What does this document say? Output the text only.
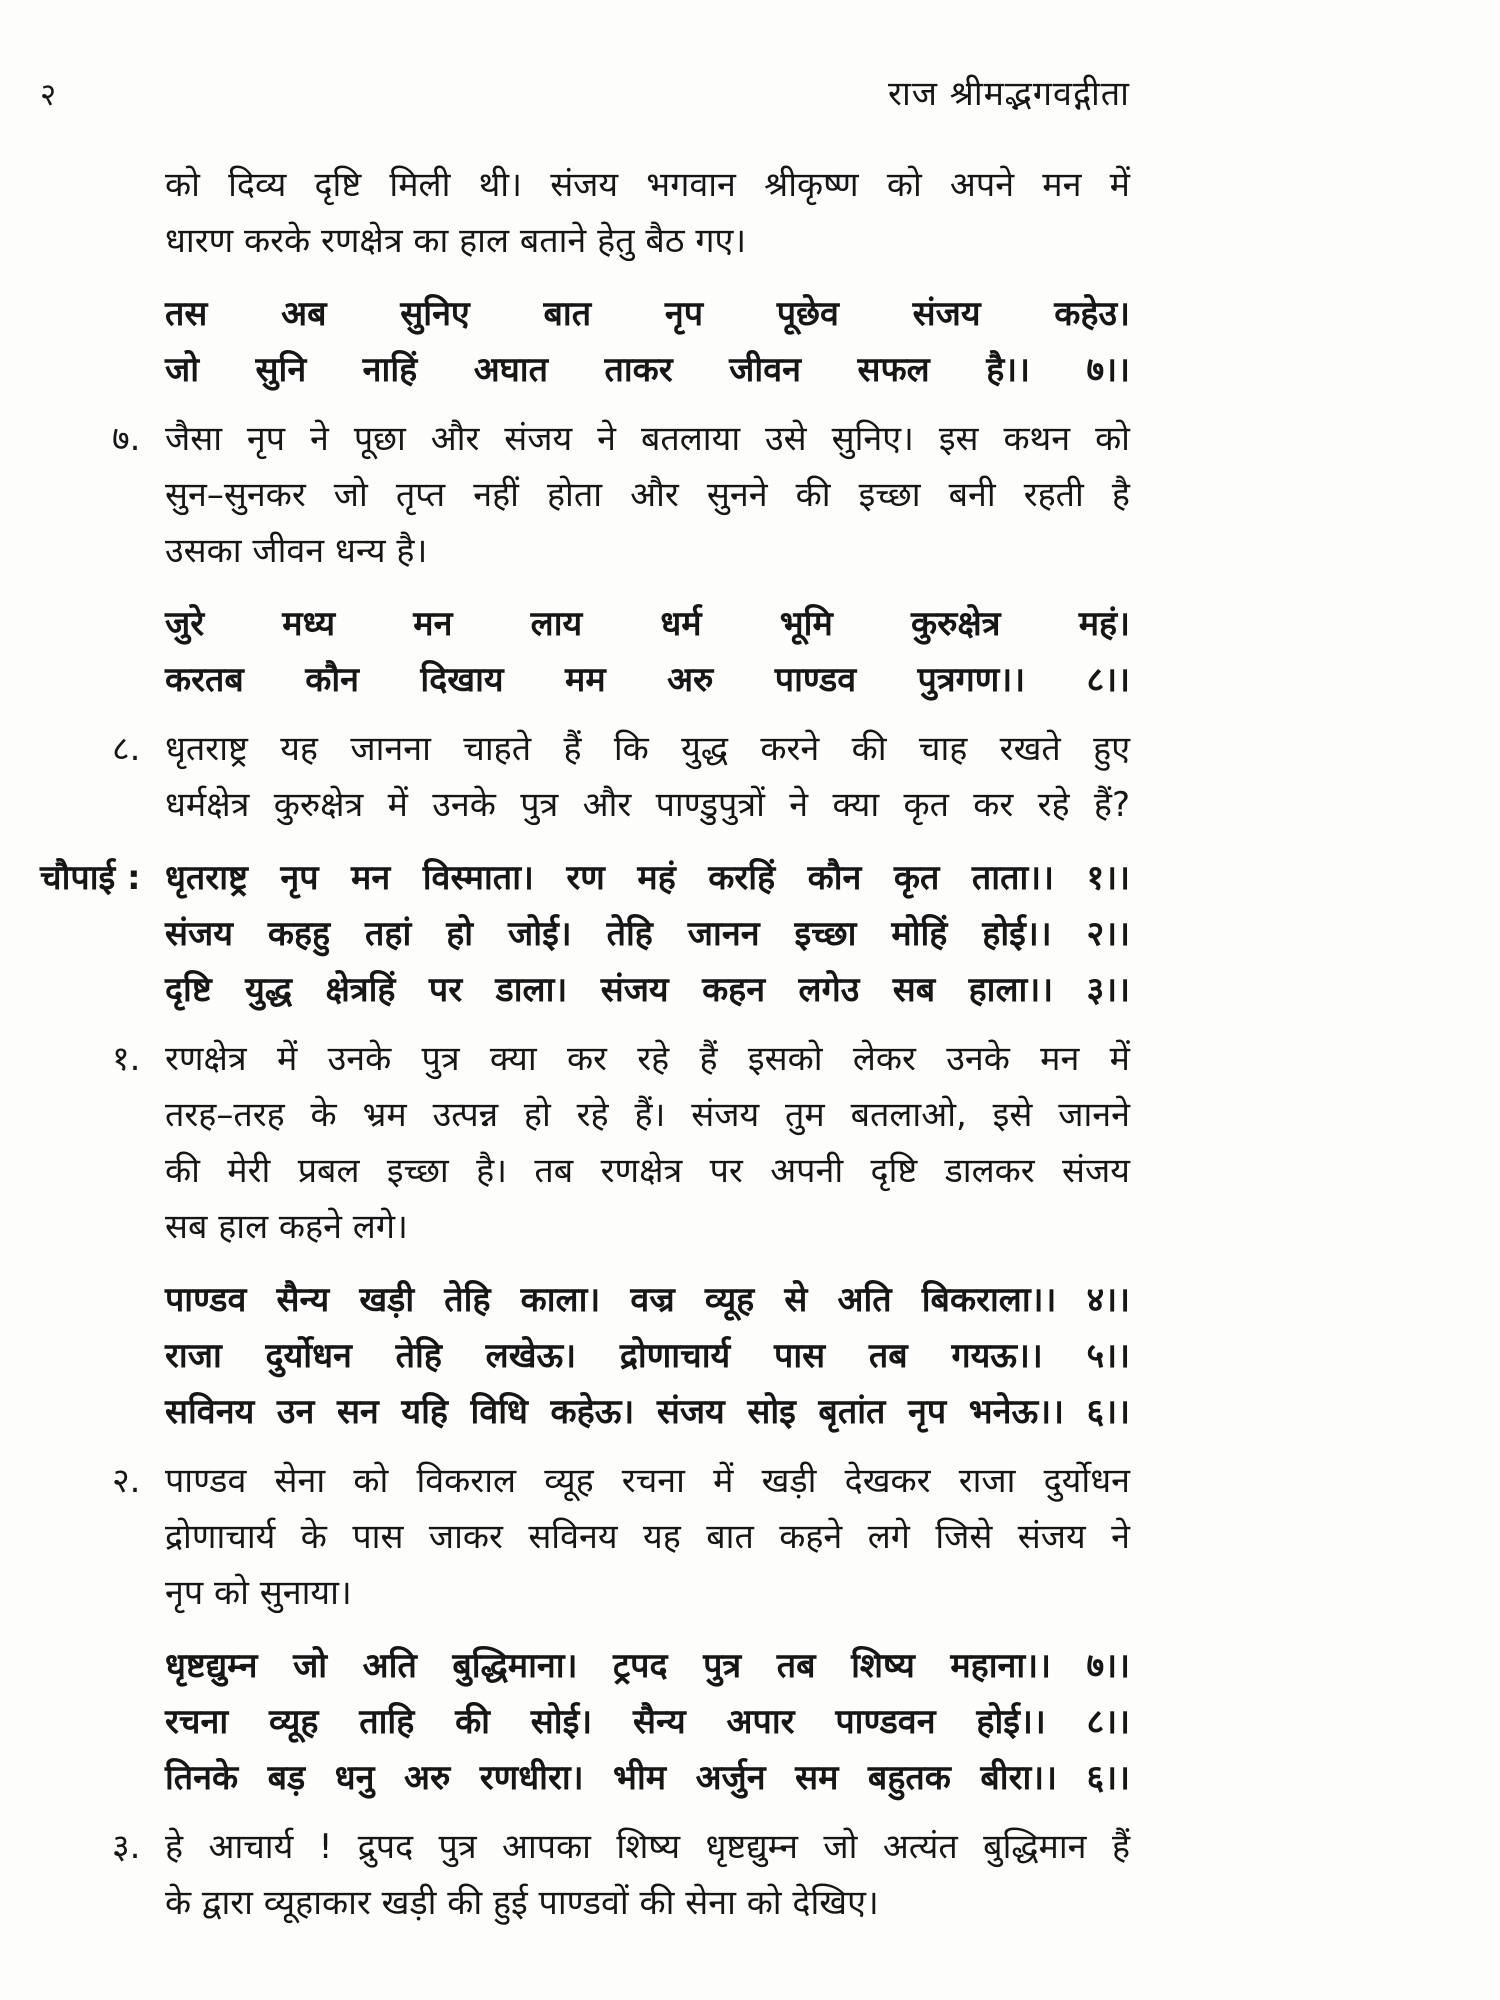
२	राज श्रीमद्भगवद्गीता
को दिव्य दृष्टि मिली थी। संजय भगवान श्रीकृष्ण को अपने मन में
धारण करके रणक्षेत्र का हाल बताने हेतु बैठ गए।
तस अब सुनिए बात नृप पूछेव संजय कहेउ।
जो सुनि नाहिं अघात ताकर जीवन सफल है।। ७।।
७. जैसा नृप ने पूछा और संजय ने बतलाया उसे सुनिए। इस कथन को
सुन–सुनकर जो तृप्त नहीं होता और सुनने की इच्छा बनी रहती है
उसका जीवन धन्य है।
जुरे मध्य मन लाय धर्म भूमि कुरुक्षेत्र महं।
करतब कौन दिखाय मम अरु पाण्डव पुत्रगण।। ८।।
८. धृतराष्ट्र यह जानना चाहते हैं कि युद्ध करने की चाह रखते हुए
धर्मक्षेत्र कुरुक्षेत्र में उनके पुत्र और पाण्डुपुत्रों ने क्या कृत कर रहे हैं?
चौपाई : धृतराष्ट्र नृप मन विस्माता। रण महं करहिं कौन कृत ताता।। १।।
संजय कहहु तहां हो जोई। तेहि जानन इच्छा मोहिं होई।। २।।
दृष्टि युद्ध क्षेत्रहिं पर डाला। संजय कहन लगेउ सब हाला।। ३।।
१. रणक्षेत्र में उनके पुत्र क्या कर रहे हैं इसको लेकर उनके मन में
तरह–तरह के भ्रम उत्पन्न हो रहे हैं। संजय तुम बतलाओ, इसे जानने
की मेरी प्रबल इच्छा है। तब रणक्षेत्र पर अपनी दृष्टि डालकर संजय
सब हाल कहने लगे।
पाण्डव सैन्य खड़ी तेहि काला। वज्र व्यूह से अति बिकराला।। ४।।
राजा दुर्योधन तेहि लखेऊ। द्रोणाचार्य पास तब गयऊ।। ५।।
सविनय उन सन यहि विधि कहेऊ। संजय सोइ बृतांत नृप भनेऊ।। ६।।
२. पाण्डव सेना को विकराल व्यूह रचना में खड़ी देखकर राजा दुर्योधन
द्रोणाचार्य के पास जाकर सविनय यह बात कहने लगे जिसे संजय ने
नृप को सुनाया।
धृष्टद्युम्न जो अति बुद्धिमाना। ट्रपद पुत्र तब शिष्य महाना।। ७।।
रचना व्यूह ताहि की सोई। सैन्य अपार पाण्डवन होई।। ८।।
तिनके बड़ धनु अरु रणधीरा। भीम अर्जुन सम बहुतक बीरा।। ६।।
३. हे आचार्य ! द्रुपद पुत्र आपका शिष्य धृष्टद्युम्न जो अत्यंत बुद्धिमान हैं
के द्वारा व्यूहाकार खड़ी की हुई पाण्डवों की सेना को देखिए।
